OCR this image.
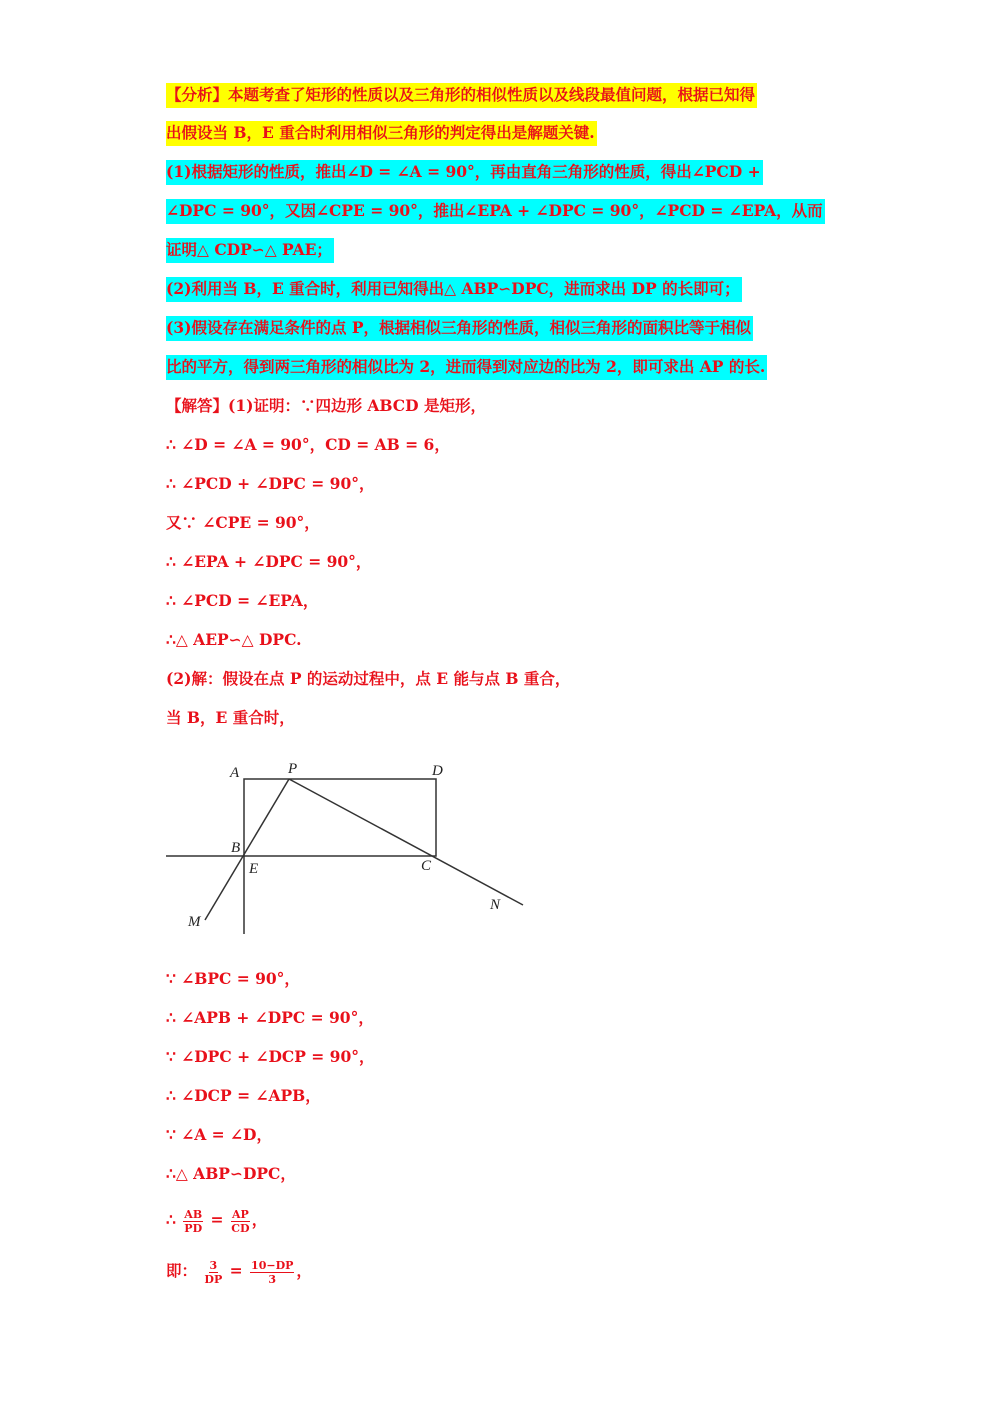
【分析】本题考查了矩形的性质以及三角形的相似性质以及线段最值问题，根据已知得
出假设当 B，E 重合时利用相似三角形的判定得出是解题关键.
(1)根据矩形的性质，推出∠D = ∠A = 90°，再由直角三角形的性质，得出∠PCD +
∠DPC = 90°，又因∠CPE = 90°，推出∠EPA + ∠DPC = 90°，∠PCD = ∠EPA，从而
证明△ CDP∽△ PAE；
(2)利用当 B，E 重合时，利用已知得出△ ABP∽DPC，进而求出 DP 的长即可；
(3)假设存在满足条件的点 P，根据相似三角形的性质，相似三角形的面积比等于相似
比的平方，得到两三角形的相似比为 2，进而得到对应边的比为 2，即可求出 AP 的长.
【解答】(1)证明：∵四边形 ABCD 是矩形，
∴ ∠D = ∠A = 90°，CD = AB = 6，
∴ ∠PCD + ∠DPC = 90°，
又∵ ∠CPE = 90°，
∴ ∠EPA + ∠DPC = 90°，
∴ ∠PCD = ∠EPA，
∴△ AEP∽△ DPC.
(2)解：假设在点 P 的运动过程中，点 E 能与点 B 重合，
当 B，E 重合时，
A	P	D
B
E	C
M
N
∵ ∠BPC = 90°，
∴ ∠APB + ∠DPC = 90°，
∵ ∠DPC + ∠DCP = 90°，
∴ ∠DCP = ∠APB，
∵ ∠A = ∠D，
∴△ ABP∽DPC，
∴ $\frac{AB}{PD} = \frac{AP}{CD}$ ，
即： $\frac{3}{DP} = \frac{10-DP}{3}$ ，
